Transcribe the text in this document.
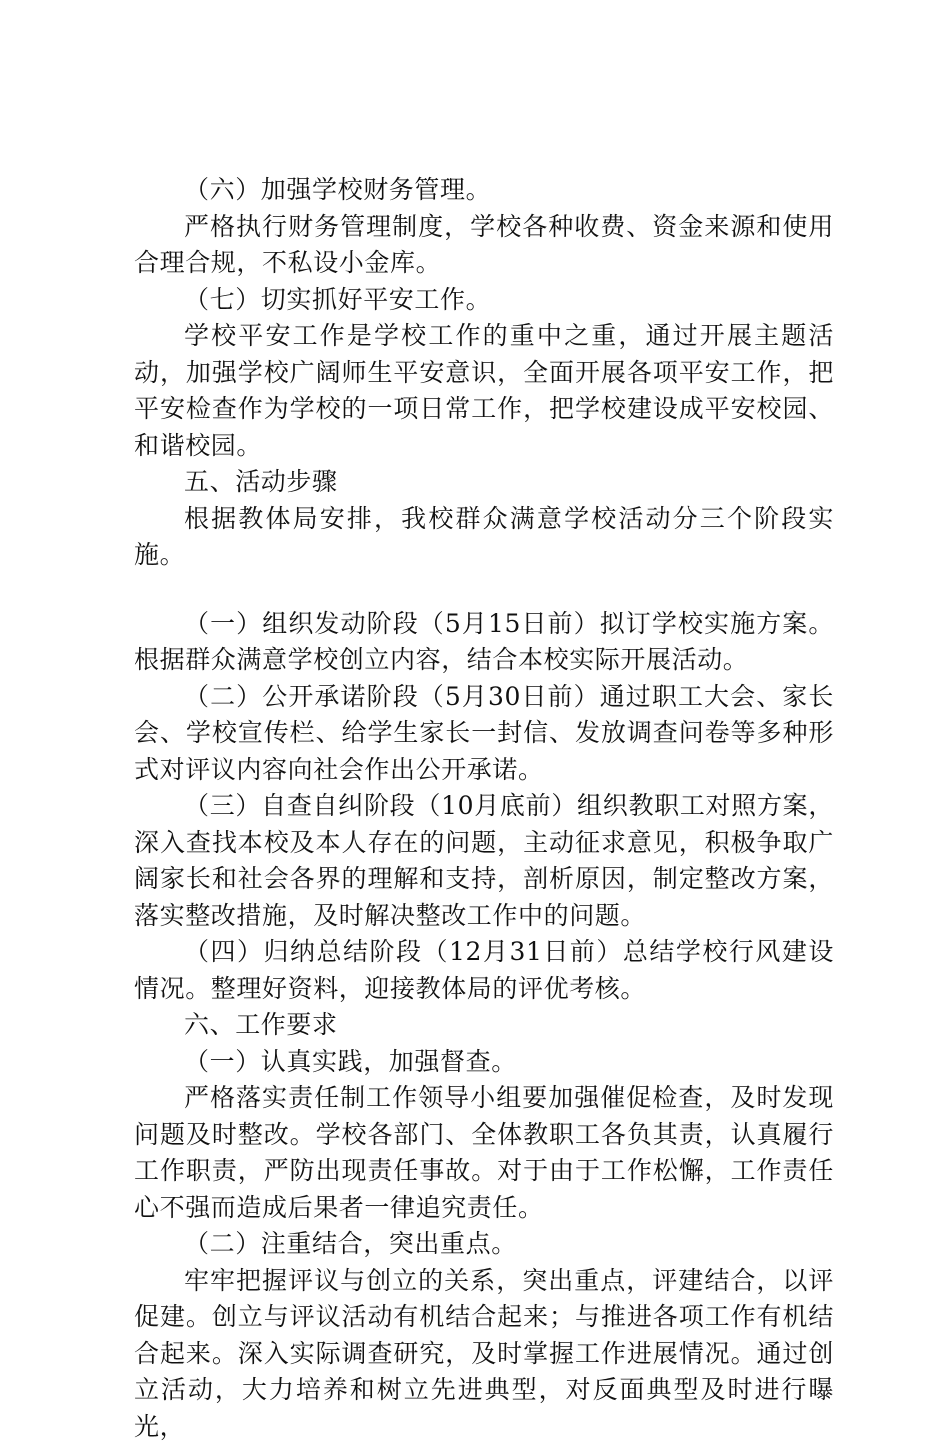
（六）加强学校财务管理。

严格执行财务管理制度，学校各种收费、资金来源和使用合理合规，不私设小金库。

（七）切实抓好平安工作。

学校平安工作是学校工作的重中之重，通过开展主题活动，加强学校广阔师生平安意识，全面开展各项平安工作，把平安检查作为学校的一项日常工作，把学校建设成平安校园、和谐校园。

五、活动步骤

根据教体局安排，我校群众满意学校活动分三个阶段实施。

（一）组织发动阶段（5月15日前）拟订学校实施方案。根据群众满意学校创立内容，结合本校实际开展活动。

（二）公开承诺阶段（5月30日前）通过职工大会、家长会、学校宣传栏、给学生家长一封信、发放调查问卷等多种形式对评议内容向社会作出公开承诺。

（三）自查自纠阶段（10月底前）组织教职工对照方案，深入查找本校及本人存在的问题，主动征求意见，积极争取广阔家长和社会各界的理解和支持，剖析原因，制定整改方案，落实整改措施，及时解决整改工作中的问题。

（四）归纳总结阶段（12月31日前）总结学校行风建设情况。整理好资料，迎接教体局的评优考核。

六、工作要求

（一）认真实践，加强督查。

严格落实责任制工作领导小组要加强催促检查，及时发现问题及时整改。学校各部门、全体教职工各负其责，认真履行工作职责，严防出现责任事故。对于由于工作松懈，工作责任心不强而造成后果者一律追究责任。

（二）注重结合，突出重点。

牢牢把握评议与创立的关系，突出重点，评建结合，以评促建。创立与评议活动有机结合起来；与推进各项工作有机结合起来。深入实际调查研究，及时掌握工作进展情况。通过创立活动，大力培养和树立先进典型，对反面典型及时进行曝光，
